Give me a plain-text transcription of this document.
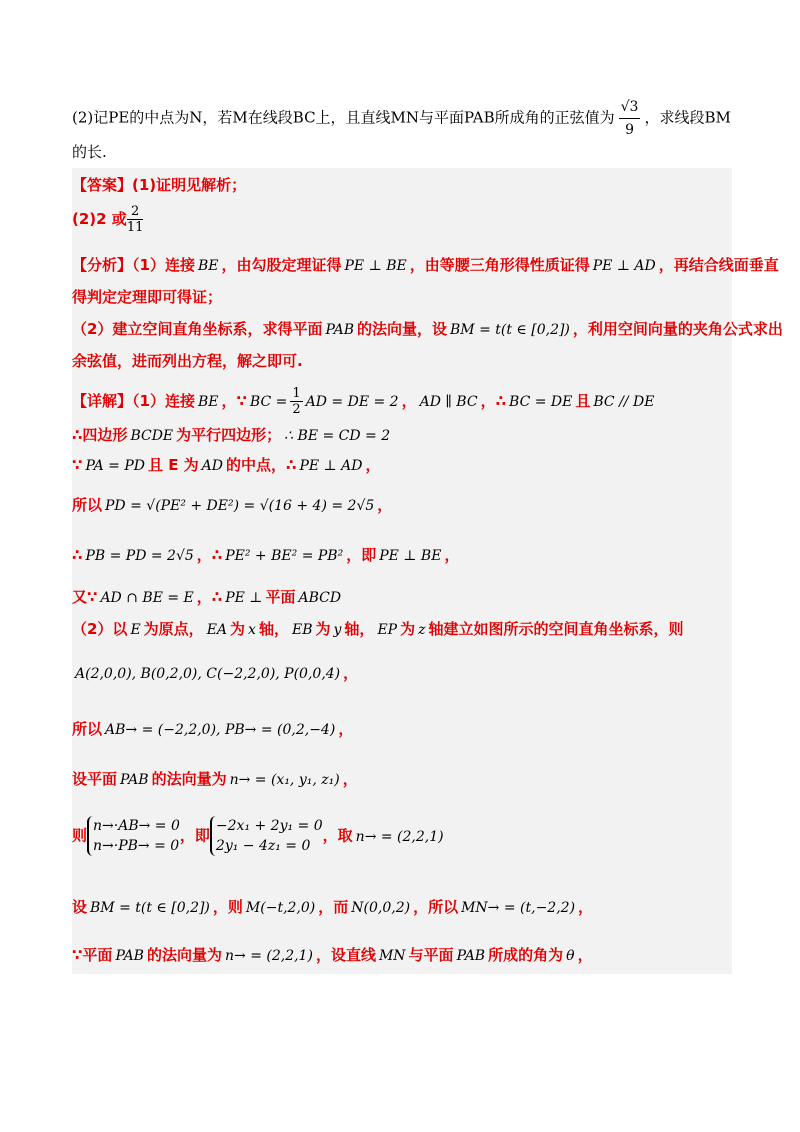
(2)记PE的中点为N，若M在线段BC上，且直线MN与平面PAB所成角的正弦值为 $\frac{√3}{9}$ ，求线段BM的长.
【答案】(1)证明见解析；
(2)2 或 $\frac{2}{11}$
【分析】（1）连接 BE ，由勾股定理证得 PE ⊥ BE ，由等腰三角形得性质证得 PE ⊥ AD ，再结合线面垂直
得判定定理即可得证；
（2）建立空间直角坐标系，求得平面 PAB 的法向量，设 BM = t(t ∈ [0,2]) ，利用空间向量的夹角公式求出
余弦值，进而列出方程，解之即可.
【详解】（1）连接 BE ，∵ BC = $\frac{1}{2}$ AD = DE = 2 ， AD ∥ BC ，∴ BC = DE 且 BC // DE
∴四边形 BCDE 为平行四边形； ∴ BE = CD = 2
∵ PA = PD 且 E 为 AD 的中点，∴ PE ⊥ AD ，
所以 PD = √(PE² + DE²) = √(16 + 4) = 2√5 ，
∴ PB = PD = 2√5 ，∴ PE² + BE² = PB² ，即 PE ⊥ BE ，
又∵ AD ∩ BE = E ，∴ PE ⊥ 平面 ABCD
（2）以 E 为原点， EA 为 x 轴， EB 为 y 轴， EP 为 z 轴建立如图所示的空间直角坐标系，则
A(2,0,0), B(0,2,0), C(−2,2,0), P(0,0,4) ，
所以 AB→ = (−2,2,0), PB→ = (0,2,−4) ，
设平面 PAB 的法向量为 n→ = (x₁, y₁, z₁) ，
则
n→·AB→ = 0
n→·PB→ = 0
，即
−2x₁ + 2y₁ = 0
2y₁ − 4z₁ = 0
，取 n→ = (2,2,1)
设 BM = t(t ∈ [0,2]) ，则 M(−t,2,0) ，而 N(0,0,2) ，所以 MN→ = (t,−2,2) ，
∵平面 PAB 的法向量为 n→ = (2,2,1) ，设直线 MN 与平面 PAB 所成的角为 θ ，
